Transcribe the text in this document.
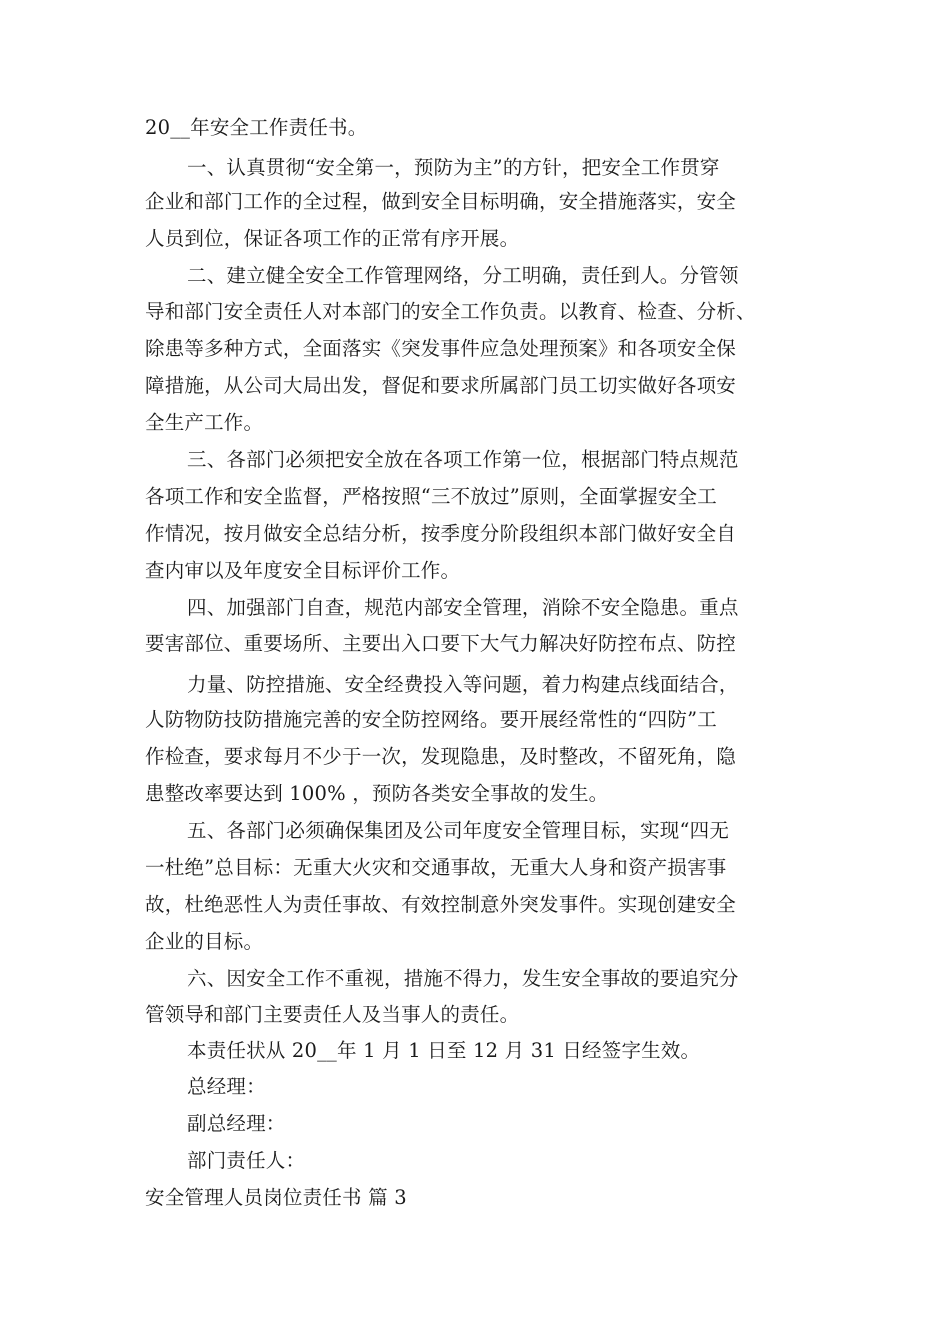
20__年安全工作责任书。
一、认真贯彻“安全第一，预防为主”的方针，把安全工作贯穿
企业和部门工作的全过程，做到安全目标明确，安全措施落实，安全
人员到位，保证各项工作的正常有序开展。
二、建立健全安全工作管理网络，分工明确，责任到人。分管领
导和部门安全责任人对本部门的安全工作负责。以教育、检查、分析、
除患等多种方式，全面落实《突发事件应急处理预案》和各项安全保
障措施，从公司大局出发，督促和要求所属部门员工切实做好各项安
全生产工作。
三、各部门必须把安全放在各项工作第一位，根据部门特点规范
各项工作和安全监督，严格按照“三不放过”原则，全面掌握安全工
作情况，按月做安全总结分析，按季度分阶段组织本部门做好安全自
查内审以及年度安全目标评价工作。
四、加强部门自查，规范内部安全管理，消除不安全隐患。重点
要害部位、重要场所、主要出入口要下大气力解决好防控布点、防控
力量、防控措施、安全经费投入等问题，着力构建点线面结合，
人防物防技防措施完善的安全防控网络。要开展经常性的“四防”工
作检查，要求每月不少于一次，发现隐患，及时整改，不留死角，隐
患整改率要达到 100% ，预防各类安全事故的发生。
五、各部门必须确保集团及公司年度安全管理目标，实现“四无
一杜绝”总目标：无重大火灾和交通事故，无重大人身和资产损害事
故，杜绝恶性人为责任事故、有效控制意外突发事件。实现创建安全
企业的目标。
六、因安全工作不重视，措施不得力，发生安全事故的要追究分
管领导和部门主要责任人及当事人的责任。
本责任状从 20__年 1 月 1 日至 12 月 31 日经签字生效。
总经理：
副总经理：
部门责任人：
安全管理人员岗位责任书 篇 3
